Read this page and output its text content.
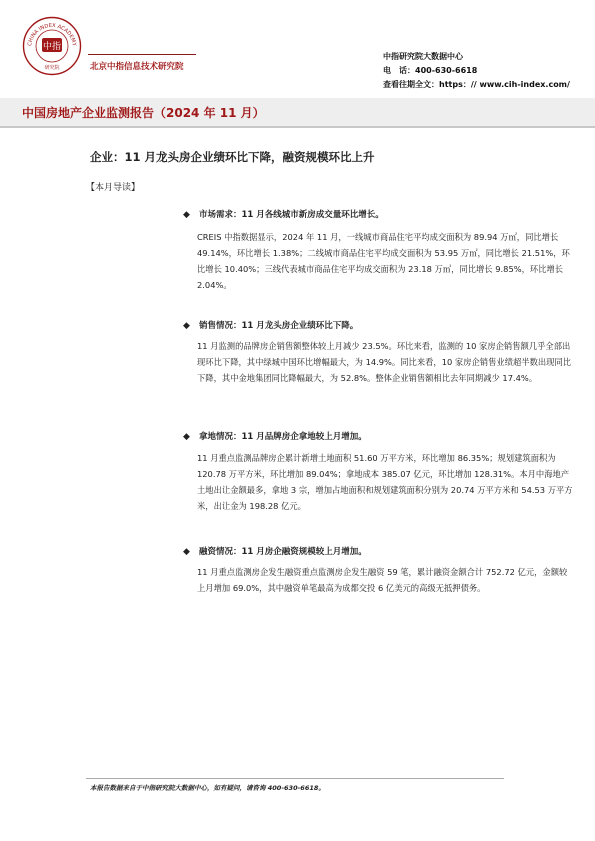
CHINA INDEX ACADEMY
中指
研究院	北京中指信息技术研究院
中指研究院大数据中心
电　话：400-630-6618
查看往期全文：https：// www.cih-index.com/
中国房地产企业监测报告（2024 年 11 月）
企业：11 月龙头房企业绩环比下降，融资规模环比上升
【本月导读】
◆ 市场需求：11 月各线城市新房成交量环比增长。
CREIS 中指数据显示，2024 年 11 月，一线城市商品住宅平均成交面积为 89.94 万㎡，同比增长 49.14%，环比增长 1.38%；二线城市商品住宅平均成交面积为 53.95 万㎡，同比增长 21.51%，环比增长 10.40%；三线代表城市商品住宅平均成交面积为 23.18 万㎡，同比增长 9.85%，环比增长 2.04%。
◆ 销售情况：11 月龙头房企业绩环比下降。
11 月监测的品牌房企销售额整体较上月减少 23.5%。环比来看，监测的 10 家房企销售额几乎全部出现环比下降，其中绿城中国环比增幅最大，为 14.9%。同比来看，10 家房企销售业绩超半数出现同比下降，其中金地集团同比降幅最大，为 52.8%。整体企业销售额相比去年同期减少 17.4%。
◆ 拿地情况：11 月品牌房企拿地较上月增加。
11 月重点监测品牌房企累计新增土地面积 51.60 万平方米，环比增加 86.35%；规划建筑面积为 120.78 万平方米，环比增加 89.04%；拿地成本 385.07 亿元，环比增加 128.31%。本月中海地产土地出让金额最多，拿地 3 宗，增加占地面积和规划建筑面积分别为 20.74 万平方米和 54.53 万平方米，出让金为 198.28 亿元。
◆ 融资情况：11 月房企融资规模较上月增加。
11 月重点监测房企发生融资重点监测房企发生融资 59 笔，累计融资金额合计 752.72 亿元，金额较上月增加 69.0%，其中融资单笔最高为成都交投 6 亿美元的高级无抵押债务。
本报告数据来自于中指研究院大数据中心，如有疑问，请咨询 400-630-6618。
